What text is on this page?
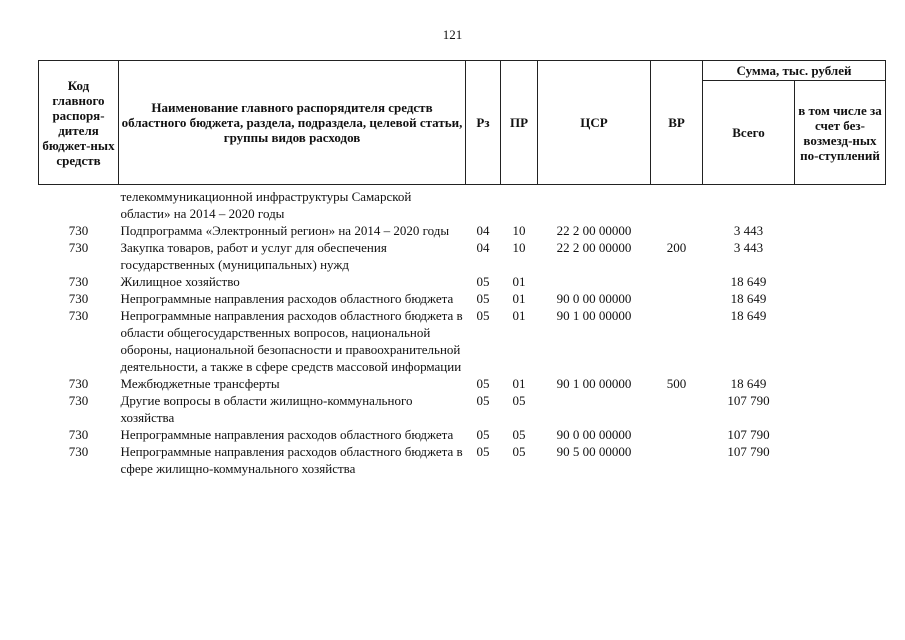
121
Код главного распоря-дителя бюджет-ных средств	Наименование главного распорядителя средств областного бюджета, раздела, подраздела, целевой статьи, группы видов расходов	Рз	ПР	ЦСР	ВР	Сумма, тыс. рублей	
						Всего	в том числе за счет без-возмезд-ных по-ступлений

	телекоммуникационной инфраструктуры Самарской области» на 2014 – 2020 годы						
730	Подпрограмма «Электронный регион» на 2014 – 2020 годы	04	10	22 2 00 00000		3 443	
730	Закупка товаров, работ и услуг для обеспечения государственных (муниципальных) нужд	04	10	22 2 00 00000	200	3 443	
730	Жилищное хозяйство	05	01			18 649	
730	Непрограммные направления расходов областного бюджета	05	01	90 0 00 00000		18 649	
730	Непрограммные направления расходов областного бюджета в области общегосударственных вопросов, национальной обороны, национальной безопасности и правоохранительной деятельности, а также в сфере средств массовой информации	05	01	90 1 00 00000		18 649	
730	Межбюджетные трансферты	05	01	90 1 00 00000	500	18 649	
730	Другие вопросы в области жилищно-коммунального хозяйства	05	05			107 790	
730	Непрограммные направления расходов областного бюджета	05	05	90 0 00 00000		107 790	
730	Непрограммные направления расходов областного бюджета в сфере жилищно-коммунального хозяйства	05	05	90 5 00 00000		107 790	
